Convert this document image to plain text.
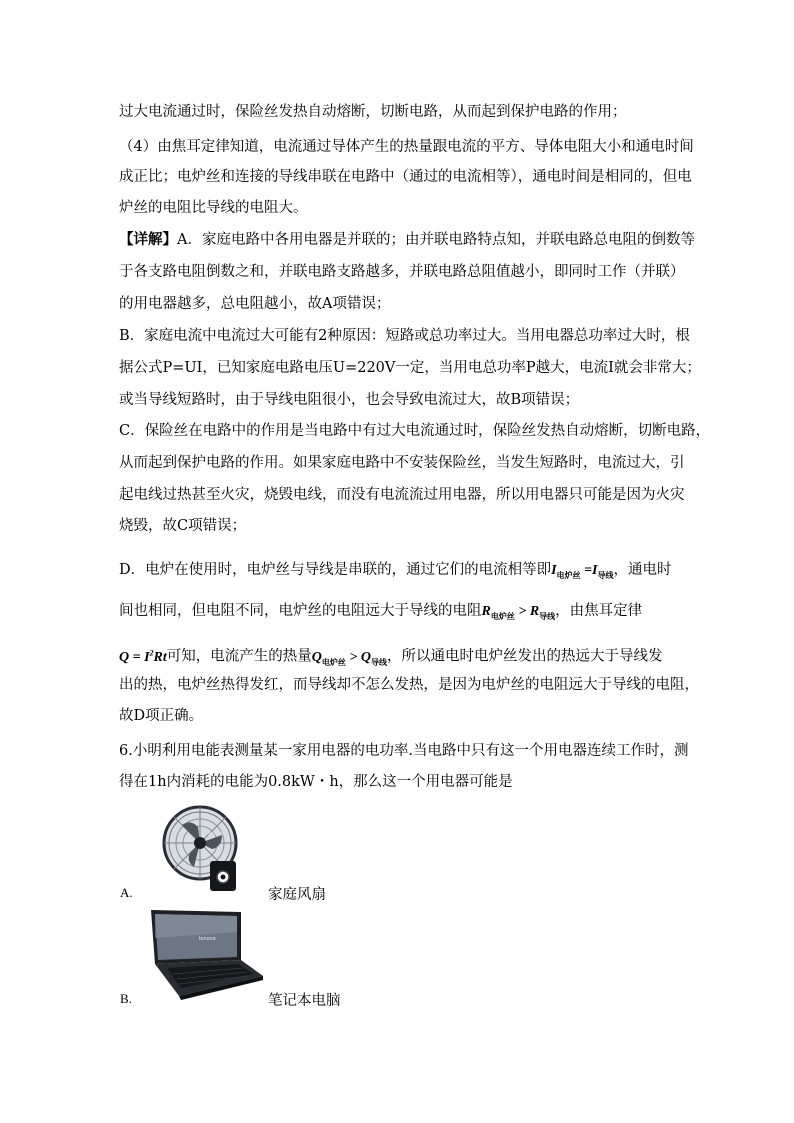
过大电流通过时，保险丝发热自动熔断，切断电路，从而起到保护电路的作用；
（4）由焦耳定律知道，电流通过导体产生的热量跟电流的平方、导体电阻大小和通电时间
成正比；电炉丝和连接的导线串联在电路中（通过的电流相等），通电时间是相同的，但电
炉丝的电阻比导线的电阻大。
【详解】A．家庭电路中各用电器是并联的；由并联电路特点知，并联电路总电阻的倒数等
于各支路电阻倒数之和，并联电路支路越多，并联电路总阻值越小，即同时工作（并联）
的用电器越多，总电阻越小，故A项错误；
B．家庭电流中电流过大可能有2种原因：短路或总功率过大。当用电器总功率过大时，根
据公式P=UI，已知家庭电路电压U=220V一定，当用电总功率P越大，电流I就会非常大；
或当导线短路时，由于导线电阻很小，也会导致电流过大，故B项错误；
C．保险丝在电路中的作用是当电路中有过大电流通过时，保险丝发热自动熔断，切断电路，
从而起到保护电路的作用。如果家庭电路中不安装保险丝，当发生短路时，电流过大，引
起电线过热甚至火灾，烧毁电线，而没有电流流过用电器，所以用电器只可能是因为火灾
烧毁，故C项错误；
D．电炉在使用时，电炉丝与导线是串联的，通过它们的电流相等即$I_{电炉丝} =I_{导线}$，通电时
间也相同，但电阻不同，电炉丝的电阻远大于导线的电阻$R_{电炉丝} > R_{导线}$，由焦耳定律
$Q = I^2Rt$可知，电流产生的热量$Q_{电炉丝} > Q_{导线}$，所以通电时电炉丝发出的热远大于导线发
出的热，电炉丝热得发红，而导线却不怎么发热，是因为电炉丝的电阻远大于导线的电阻，
故D项正确。
6.小明利用电能表测量某一家用电器的电功率.当电路中只有这一个用电器连续工作时，测
得在1h内消耗的电能为0.8kW・h，那么这一个用电器可能是
mabaoHi
A.	家庭风扇
lenovo
B.	笔记本电脑
